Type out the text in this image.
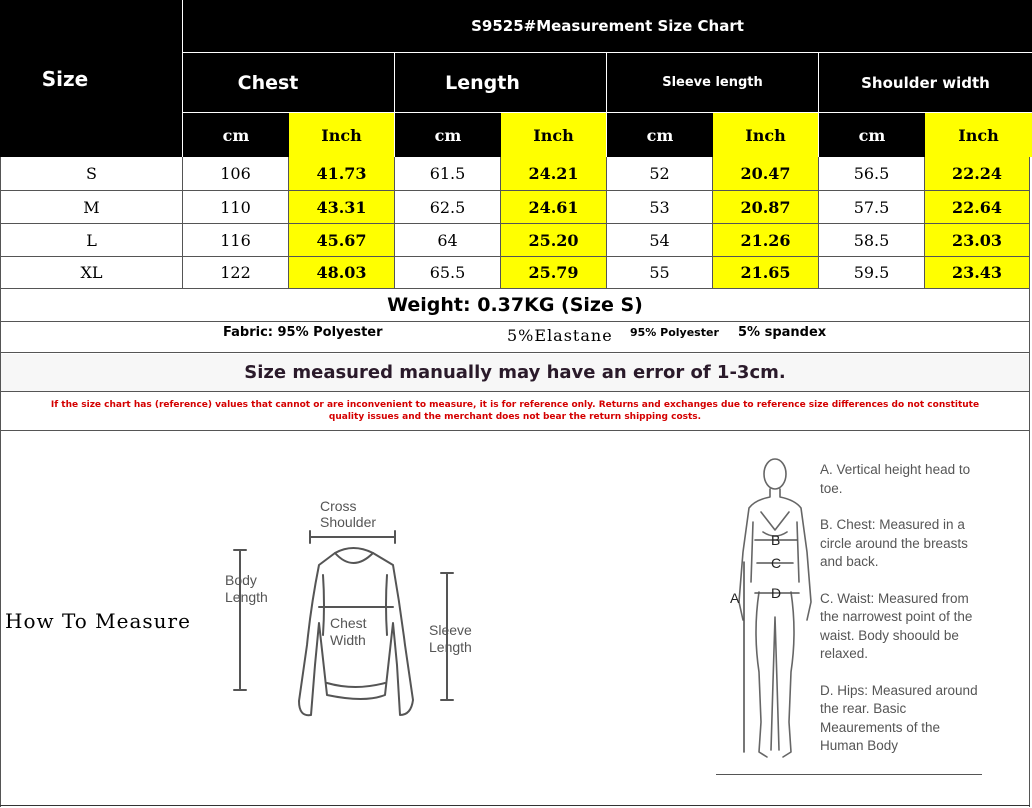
Size
S9525#Measurement Size Chart
Chest	Length	Sleeve length	Shoulder width
cm	Inch	cm	Inch	cm	Inch	cm	Inch
S	106	41.73	61.5	24.21	52	20.47	56.5	22.24
M	110	43.31	62.5	24.61	53	20.87	57.5	22.64
L	116	45.67	64	25.20	54	21.26	58.5	23.03
XL	122	48.03	65.5	25.79	55	21.65	59.5	23.43
Weight: 0.37KG (Size S)
Fabric: 95% Polyester	5%Elastane 95% Polyester 5% spandex
Size measured manually may have an error of 1-3cm.
If the size chart has (reference) values that cannot or are inconvenient to measure, it is for reference only. Returns and exchanges due to reference size differences do not constitute quality issues and the merchant does not bear the return shipping costs.
How To Measure
Cross
Shoulder
Body
Length
Chest
Width
Sleeve
Length
B
C
A D
A. Vertical height head to toe.
B. Chest: Measured in a circle around the breasts and back.
C. Waist: Measured from the narrowest point of the waist. Body shoould be relaxed.
D. Hips: Measured around the rear. Basic Meaurements of the Human Body
